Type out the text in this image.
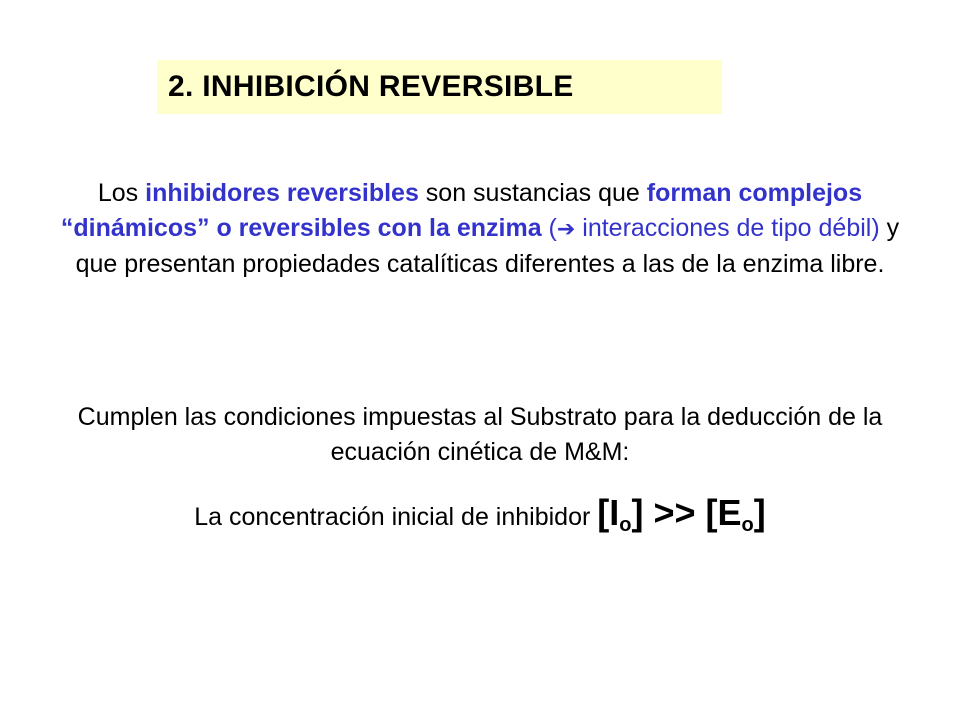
2. INHIBICIÓN REVERSIBLE
Los inhibidores reversibles son sustancias que forman complejos “dinámicos” o reversibles con la enzima (➔ interacciones de tipo débil) y que presentan propiedades catalíticas diferentes a las de la enzima libre.
Cumplen las condiciones impuestas al Substrato para la deducción de la ecuación cinética de M&M:
La concentración inicial de inhibidor $[I_o] >> [E_o]$
